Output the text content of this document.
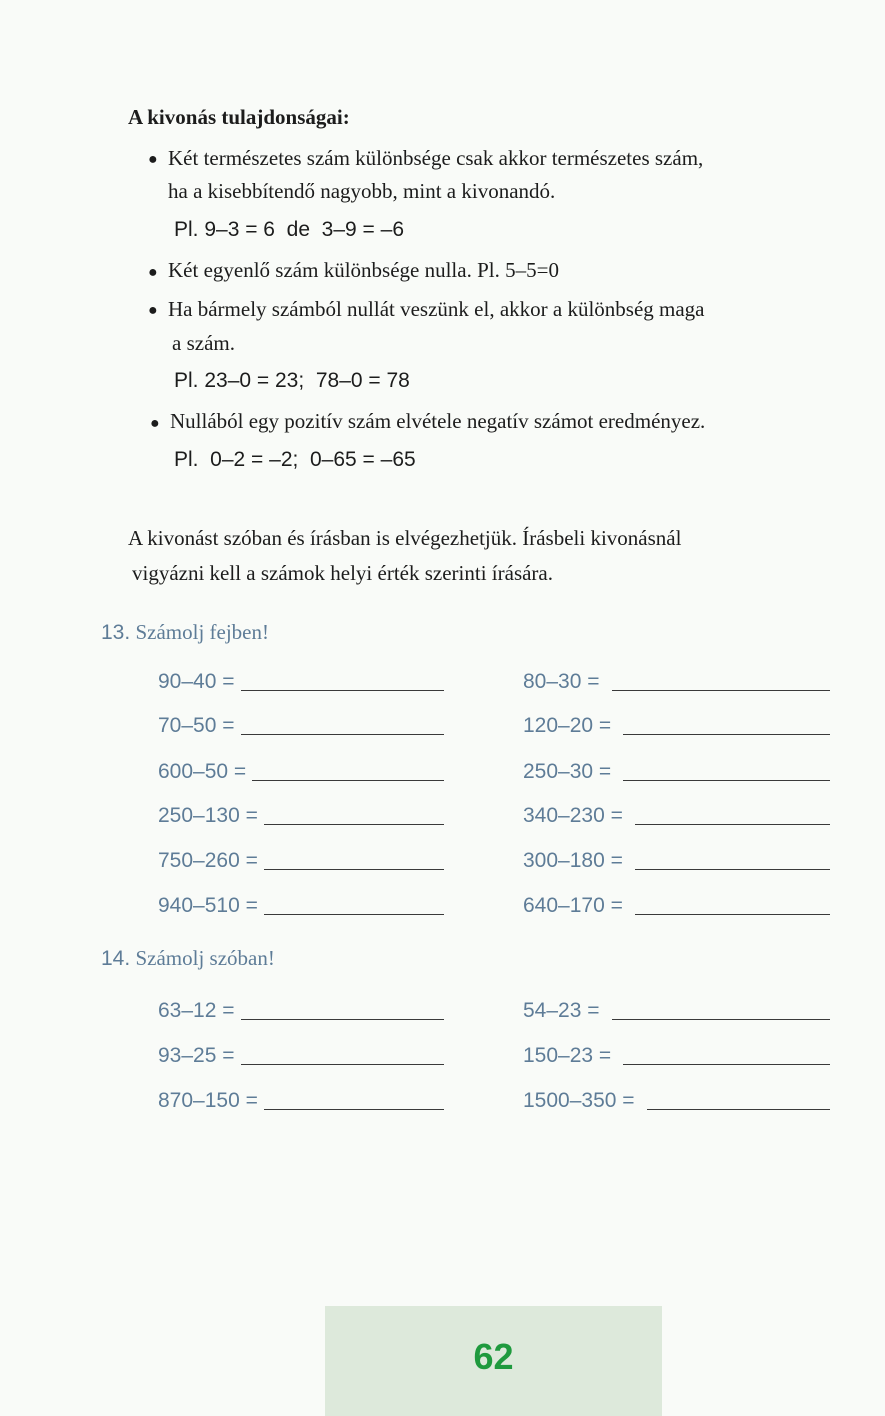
A kivonás tulajdonságai:
● Két természetes szám különbsége csak akkor természetes szám,
ha a kisebbítendő nagyobb, mint a kivonandó.
Pl. 9–3 = 6  de  3–9 = –6
● Két egyenlő szám különbsége nulla. Pl. 5–5=0
● Ha bármely számból nullát veszünk el, akkor a különbség maga
a szám.
Pl. 23–0 = 23;  78–0 = 78
● Nullából egy pozitív szám elvétele negatív számot eredményez.
Pl.  0–2 = –2;  0–65 = –65
A kivonást szóban és írásban is elvégezhetjük. Írásbeli kivonásnál
vigyázni kell a számok helyi érték szerinti írására.
13. Számolj fejben!
90–40 =
70–50 =
600–50 =
250–130 =
750–260 =
940–510 =
80–30 =
120–20 =
250–30 =
340–230 =
300–180 =
640–170 =
14. Számolj szóban!
63–12 =
93–25 =
870–150 =
54–23 =
150–23 =
1500–350 =
62
